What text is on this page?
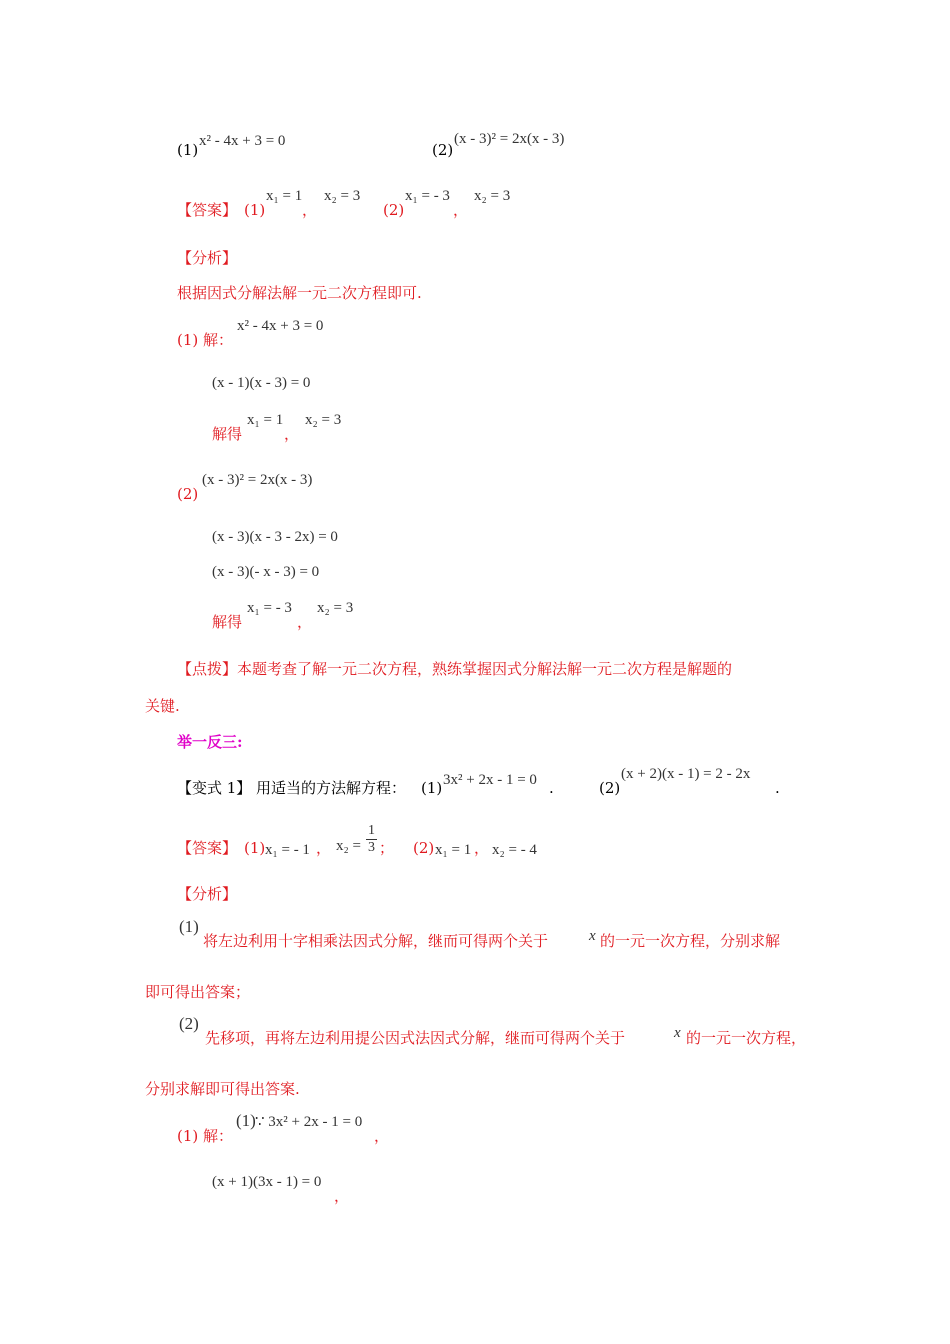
(1) x² - 4x + 3 = 0	(2)
(x - 3)² = 2x(x - 3)
【答案】 (1)
x₁ = 1
，
x₂ = 3
(2)
x₁ = - 3
，
x₂ = 3
【分析】
根据因式分解法解一元二次方程即可.
(1) 解：
x² - 4x + 3 = 0
(x - 1)(x - 3) = 0
解得
x₁ = 1
，
x₂ = 3
(2)
(x - 3)² = 2x(x - 3)
(x - 3)(x - 3 - 2x) = 0
(x - 3)(- x - 3) = 0
解得
x₁ = - 3
，
x₂ = 3
【点拨】本题考查了解一元二次方程，熟练掌握因式分解法解一元二次方程是解题的
关键.
举一反三:
【变式 1】 用适当的方法解方程： (1) 3x² + 2x - 1 = 0 .	(2)
(x + 2)(x - 1) = 2 - 2x
.
【答案】 (1) x₁ = - 1 ， $x_2 = \frac{1}{3}$ ； (2) x₁ = 1 ， x₂ = - 4
【分析】
(1)
将左边利用十字相乘法因式分解，继而可得两个关于	x 的一元一次方程，分别求解
即可得出答案；
(2)
先移项，再将左边利用提公因式法因式分解，继而可得两个关于	x 的一元一次方程，
分别求解即可得出答案.
(1) 解：
(1) ∵ 3x² + 2x - 1 = 0
，
(x + 1)(3x - 1) = 0
，
